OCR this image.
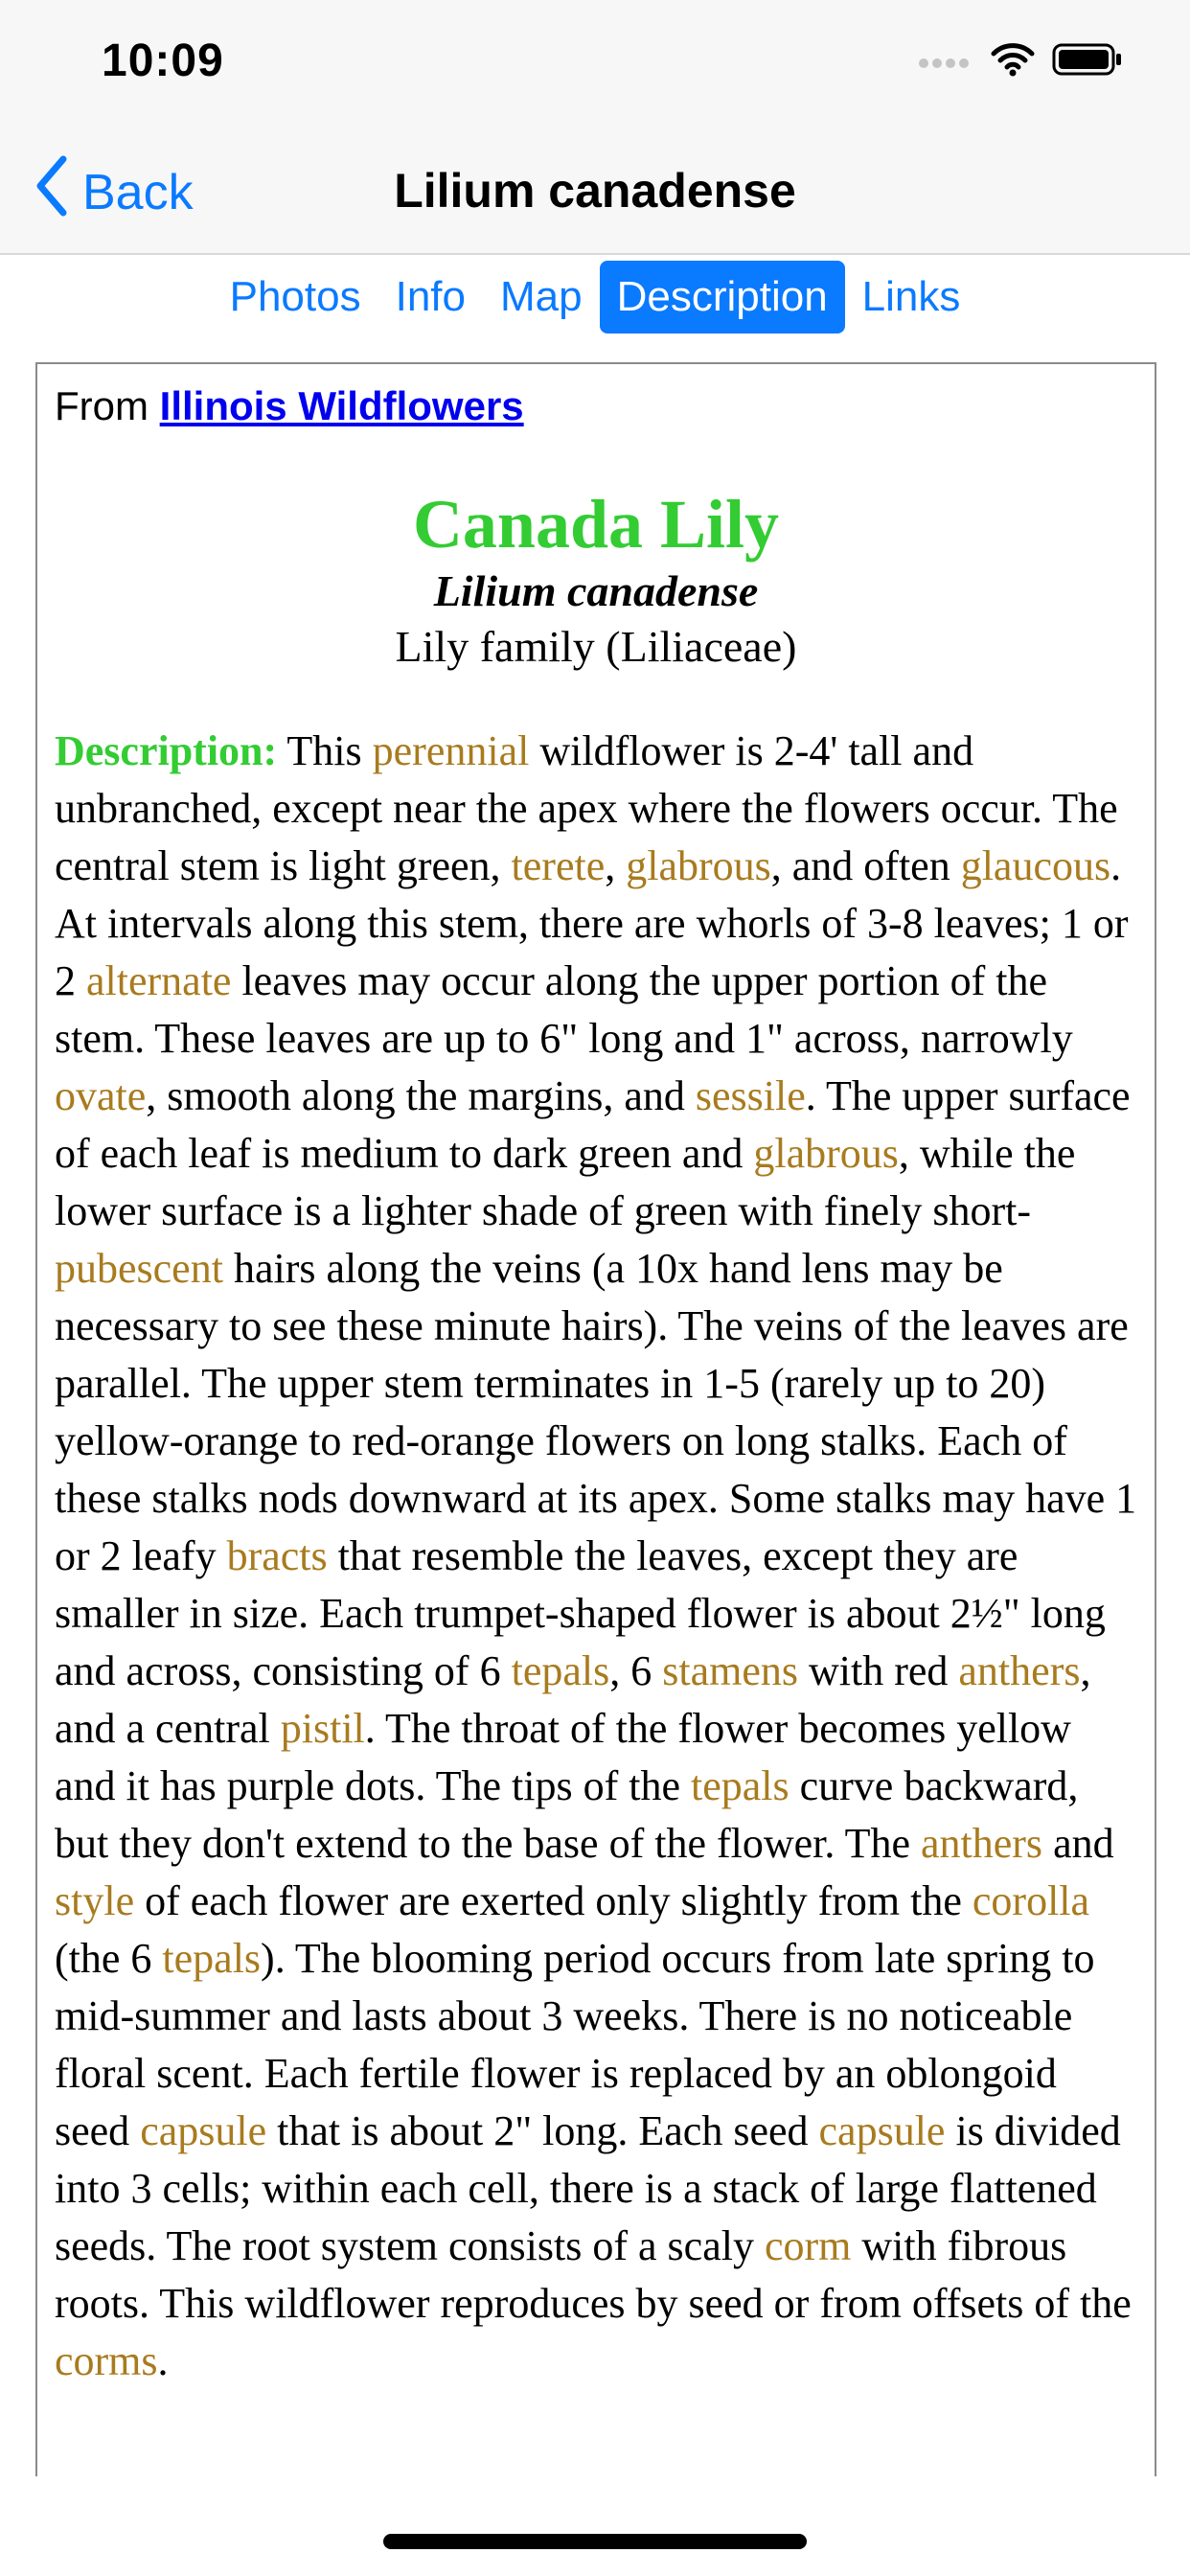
10:09
Back	Lilium canadense
Photos Info Map Description Links
From Illinois Wildflowers
Canada Lily
Lilium canadense
Lily family (Liliaceae)

Description: This perennial wildflower is 2-4' tall and unbranched, except near the apex where the flowers occur. The central stem is light green, terete, glabrous, and often glaucous. At intervals along this stem, there are whorls of 3-8 leaves; 1 or 2 alternate leaves may occur along the upper portion of the stem. These leaves are up to 6" long and 1" across, narrowly ovate, smooth along the margins, and sessile. The upper surface of each leaf is medium to dark green and glabrous, while the lower surface is a lighter shade of green with finely short-pubescent hairs along the veins (a 10x hand lens may be necessary to see these minute hairs). The veins of the leaves are parallel. The upper stem terminates in 1-5 (rarely up to 20) yellow-orange to red-orange flowers on long stalks. Each of these stalks nods downward at its apex. Some stalks may have 1 or 2 leafy bracts that resemble the leaves, except they are smaller in size. Each trumpet-shaped flower is about 2½" long and across, consisting of 6 tepals, 6 stamens with red anthers, and a central pistil. The throat of the flower becomes yellow and it has purple dots. The tips of the tepals curve backward, but they don't extend to the base of the flower. The anthers and style of each flower are exerted only slightly from the corolla (the 6 tepals). The blooming period occurs from late spring to mid-summer and lasts about 3 weeks. There is no noticeable floral scent. Each fertile flower is replaced by an oblongoid seed capsule that is about 2" long. Each seed capsule is divided into 3 cells; within each cell, there is a stack of large flattened seeds. The root system consists of a scaly corm with fibrous roots. This wildflower reproduces by seed or from offsets of the corms.
